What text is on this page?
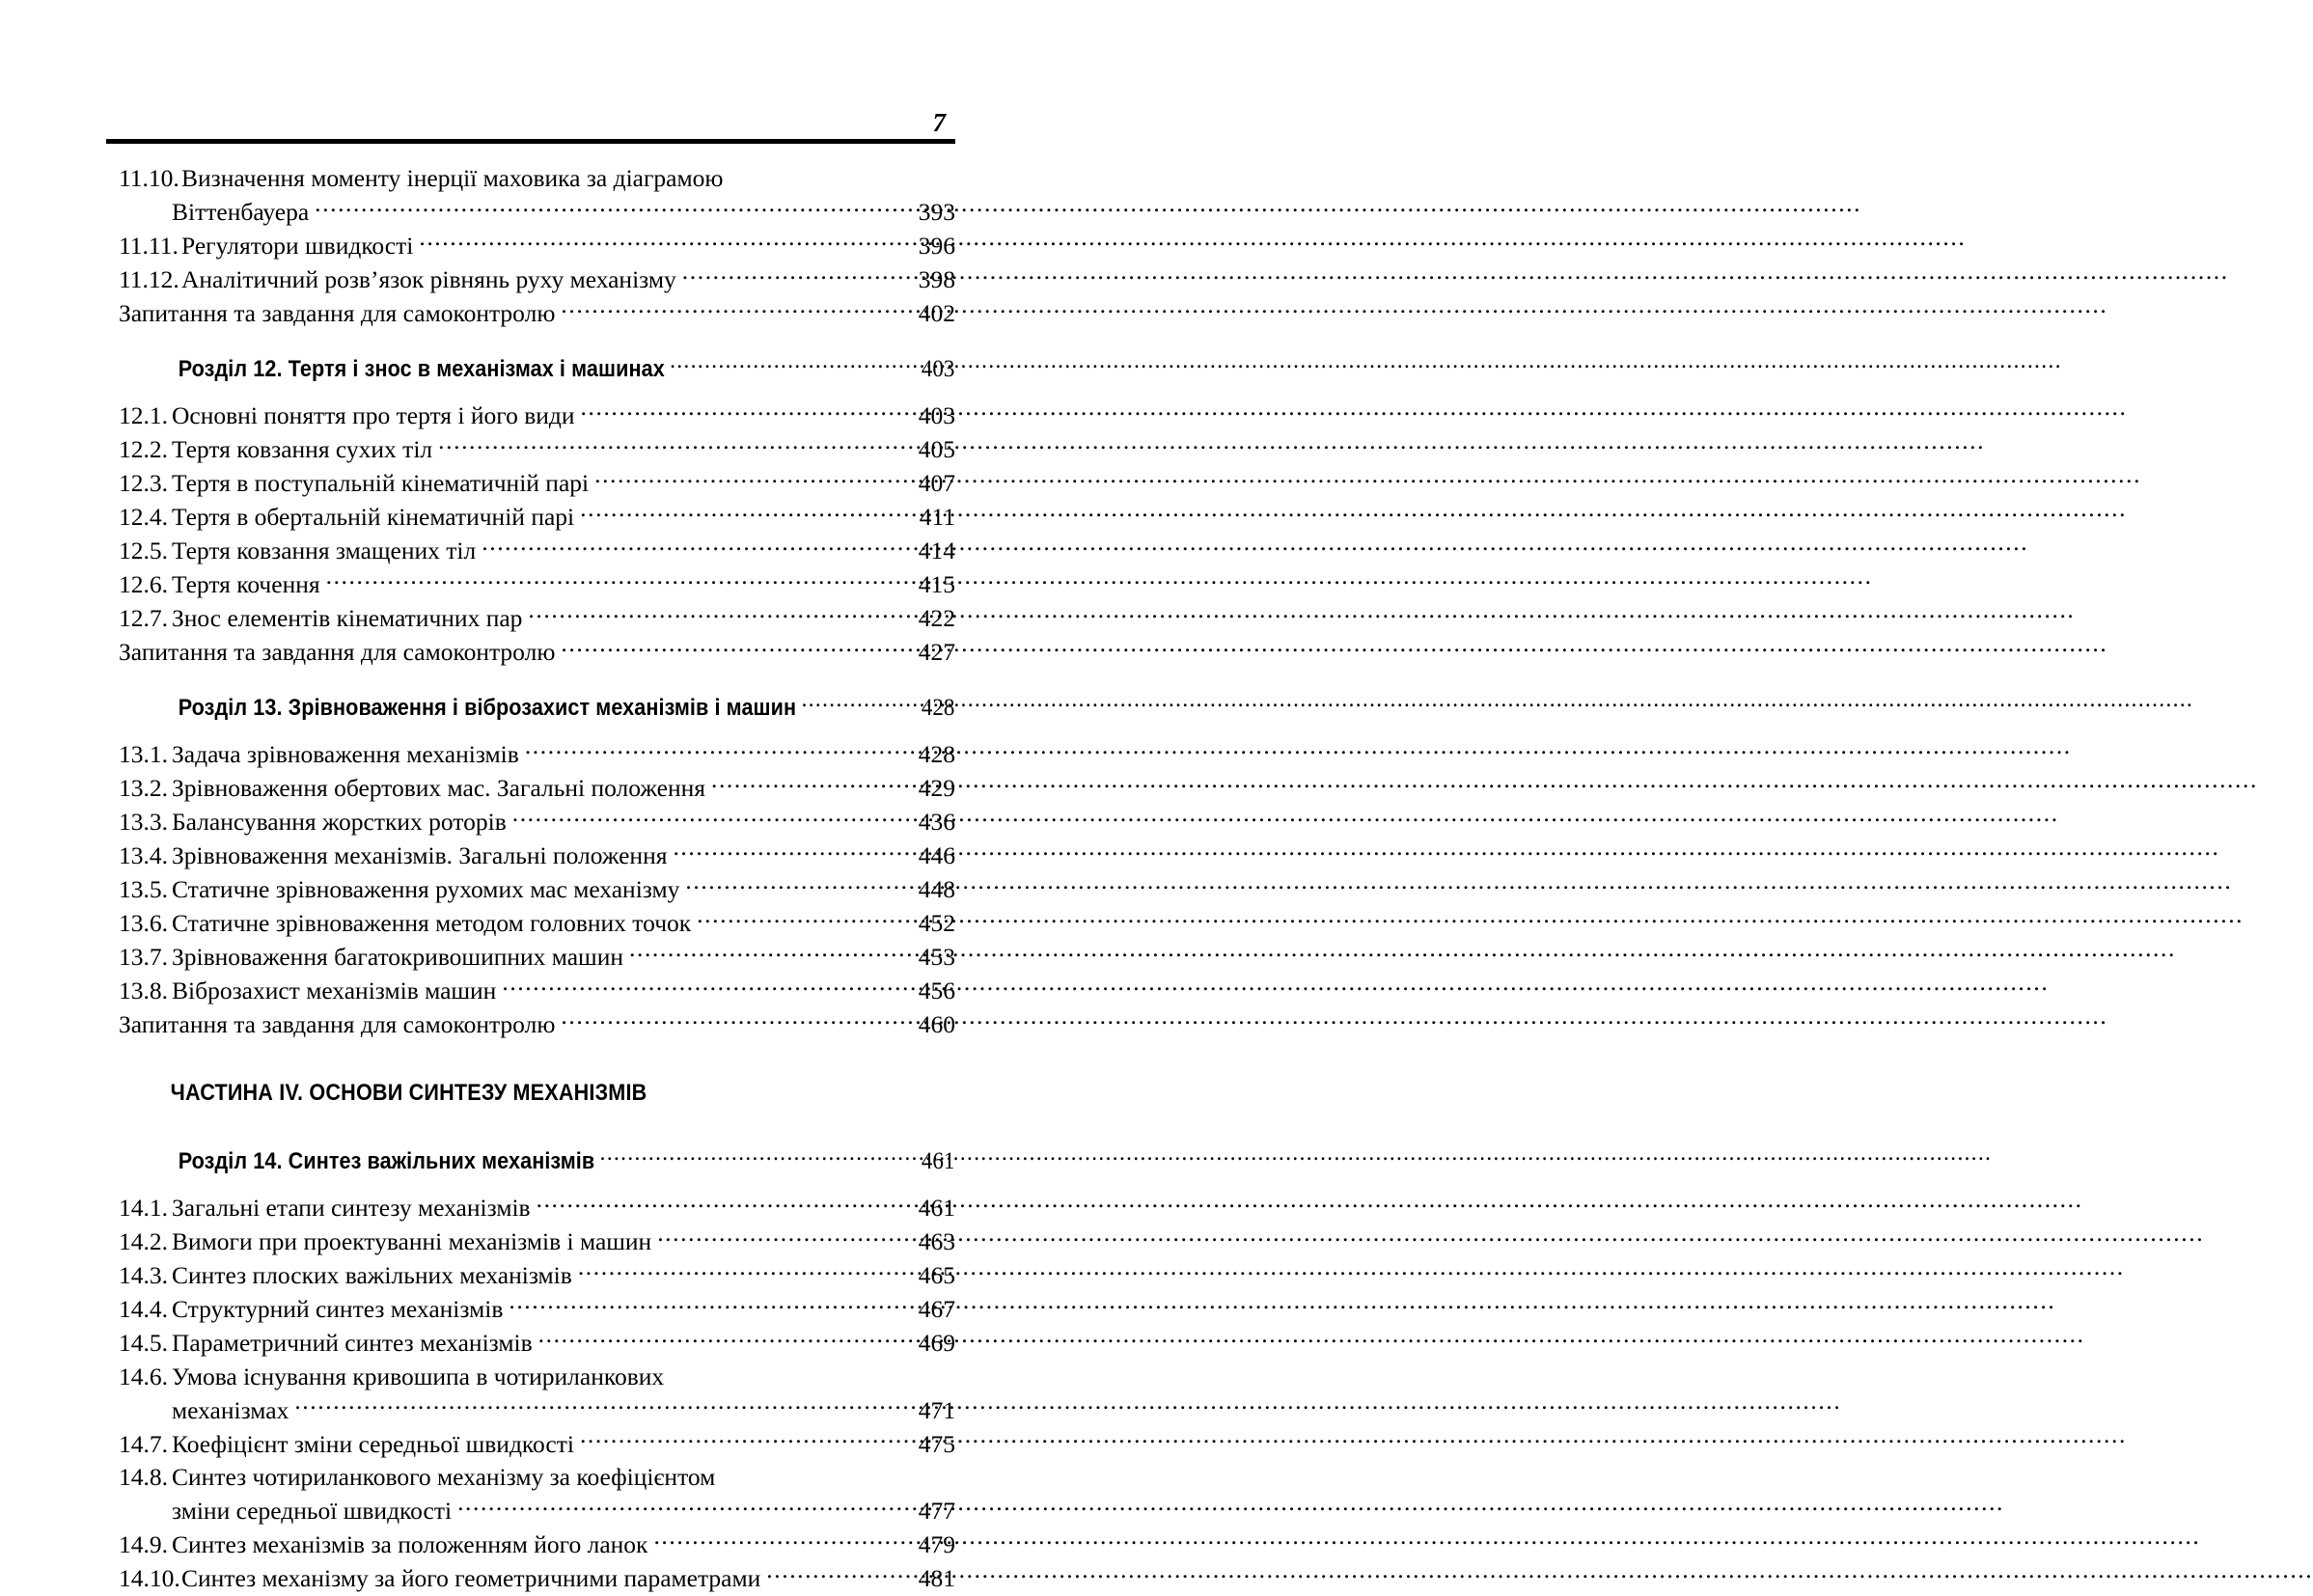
7
11.10. Визначення моменту інерції маховика за діаграмою
Віттенбауера .....	393
11.11. Регулятори швидкості .....	396
11.12. Аналітичний розв’язок рівнянь руху механізму .....	398
Запитання та завдання для самоконтролю .....	402
Розділ 12. Тертя і знос в механізмах і машинах .....	403
12.1. Основні поняття про тертя і його види .....	403
12.2. Тертя ковзання сухих тіл .....	405
12.3. Тертя в поступальній кінематичній парі .....	407
12.4. Тертя в обертальній кінематичній парі .....	411
12.5. Тертя ковзання змащених тіл .....	414
12.6. Тертя кочення .....	415
12.7. Знос елементів кінематичних пар .....	422
Запитання та завдання для самоконтролю .....	427
Розділ 13. Зрівноваження і віброзахист механізмів і машин .....	428
13.1. Задача зрівноваження механізмів .....	428
13.2. Зрівноваження обертових мас. Загальні положення .....	429
13.3. Балансування жорстких роторів .....	436
13.4. Зрівноваження механізмів. Загальні положення .....	446
13.5. Статичне зрівноваження рухомих мас механізму .....	448
13.6. Статичне зрівноваження методом головних точок .....	452
13.7. Зрівноваження багатокривошипних машин .....	453
13.8. Віброзахист механізмів машин .....	456
Запитання та завдання для самоконтролю .....	460
ЧАСТИНА IV. ОСНОВИ СИНТЕЗУ МЕХАНІЗМІВ
Розділ 14. Синтез важільних механізмів .....	461
14.1. Загальні етапи синтезу механізмів .....	461
14.2. Вимоги при проектуванні механізмів і машин .....	463
14.3. Синтез плоских важільних механізмів .....	465
14.4. Структурний синтез механізмів .....	467
14.5. Параметричний синтез механізмів .....	469
14.6. Умова існування кривошипа в чотириланкових
механізмах .....	471
14.7. Коефіцієнт зміни середньої швидкості .....	475
14.8. Синтез чотириланкового механізму за коефіцієнтом
зміни середньої швидкості .....	477
14.9. Синтез механізмів за положенням його ланок .....	479
14.10. Синтез механізму за його геометричними параметрами .....	481
